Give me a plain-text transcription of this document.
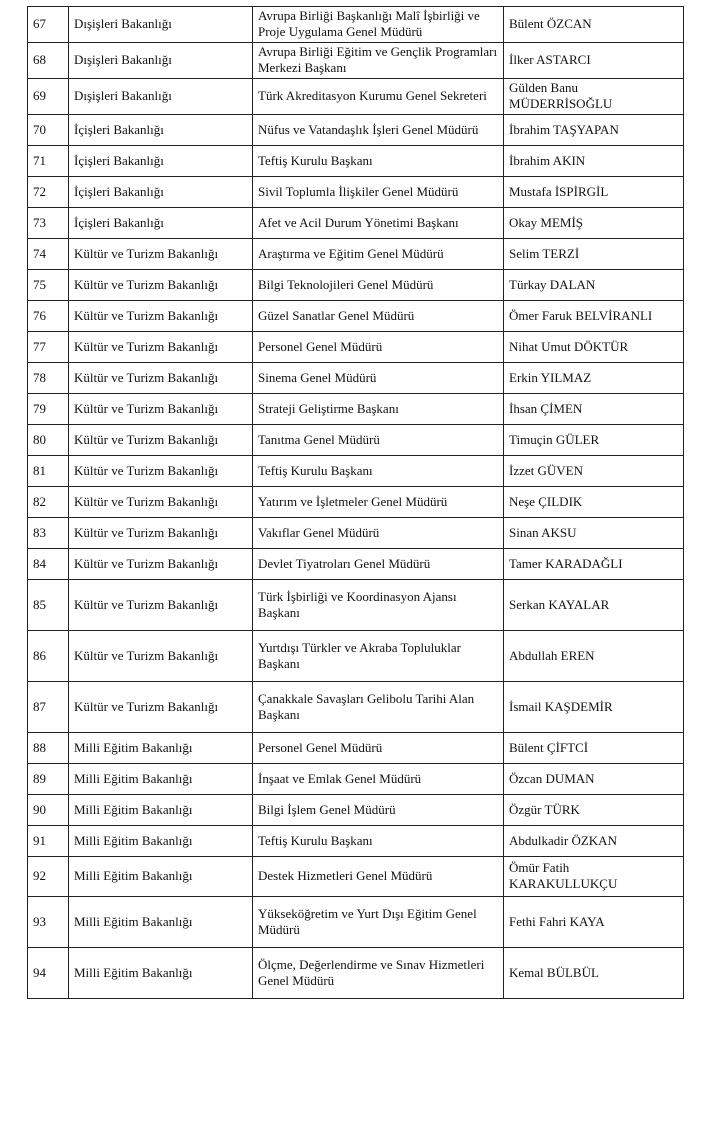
67	Dışişleri Bakanlığı	Avrupa Birliği Başkanlığı Malî İşbirliği ve Proje Uygulama Genel Müdürü	Bülent ÖZCAN

68	Dışişleri Bakanlığı	Avrupa Birliği Eğitim ve Gençlik Programları Merkezi Başkanı	İlker ASTARCI

69	Dışişleri Bakanlığı	Türk Akreditasyon Kurumu Genel Sekreteri	Gülden Banu MÜDERRİSOĞLU

70	İçişleri Bakanlığı	Nüfus ve Vatandaşlık İşleri Genel Müdürü	İbrahim TAŞYAPAN

71	İçişleri Bakanlığı	Teftiş Kurulu Başkanı	İbrahim AKIN

72	İçişleri Bakanlığı	Sivil Toplumla İlişkiler Genel Müdürü	Mustafa İSPİRGİL

73	İçişleri Bakanlığı	Afet ve Acil Durum Yönetimi Başkanı	Okay MEMİŞ

74	Kültür ve Turizm Bakanlığı	Araştırma ve Eğitim Genel Müdürü	Selim TERZİ

75	Kültür ve Turizm Bakanlığı	Bilgi Teknolojileri Genel Müdürü	Türkay DALAN

76	Kültür ve Turizm Bakanlığı	Güzel Sanatlar Genel Müdürü	Ömer Faruk BELVİRANLI

77	Kültür ve Turizm Bakanlığı	Personel Genel Müdürü	Nihat Umut DÖKTÜR

78	Kültür ve Turizm Bakanlığı	Sinema Genel Müdürü	Erkin YILMAZ

79	Kültür ve Turizm Bakanlığı	Strateji Geliştirme Başkanı	İhsan ÇİMEN

80	Kültür ve Turizm Bakanlığı	Tanıtma Genel Müdürü	Timuçin GÜLER

81	Kültür ve Turizm Bakanlığı	Teftiş Kurulu Başkanı	İzzet GÜVEN

82	Kültür ve Turizm Bakanlığı	Yatırım ve İşletmeler Genel Müdürü	Neşe ÇILDIK

83	Kültür ve Turizm Bakanlığı	Vakıflar Genel Müdürü	Sinan AKSU

84	Kültür ve Turizm Bakanlığı	Devlet Tiyatroları Genel Müdürü	Tamer KARADAĞLI

85	Kültür ve Turizm Bakanlığı	Türk İşbirliği ve Koordinasyon Ajansı Başkanı	Serkan KAYALAR

86	Kültür ve Turizm Bakanlığı	Yurtdışı Türkler ve Akraba Topluluklar Başkanı	Abdullah EREN

87	Kültür ve Turizm Bakanlığı	Çanakkale Savaşları Gelibolu Tarihi Alan Başkanı	İsmail KAŞDEMİR

88	Milli Eğitim Bakanlığı	Personel Genel Müdürü	Bülent ÇİFTCİ

89	Milli Eğitim Bakanlığı	İnşaat ve Emlak Genel Müdürü	Özcan DUMAN

90	Milli Eğitim Bakanlığı	Bilgi İşlem Genel Müdürü	Özgür TÜRK

91	Milli Eğitim Bakanlığı	Teftiş Kurulu Başkanı	Abdulkadir ÖZKAN

92	Milli Eğitim Bakanlığı	Destek Hizmetleri Genel Müdürü	Ömür Fatih KARAKULLUKÇU

93	Milli Eğitim Bakanlığı	Yükseköğretim ve Yurt Dışı Eğitim Genel Müdürü	Fethi Fahri KAYA

94	Milli Eğitim Bakanlığı	Ölçme, Değerlendirme ve Sınav Hizmetleri Genel Müdürü	Kemal BÜLBÜL
